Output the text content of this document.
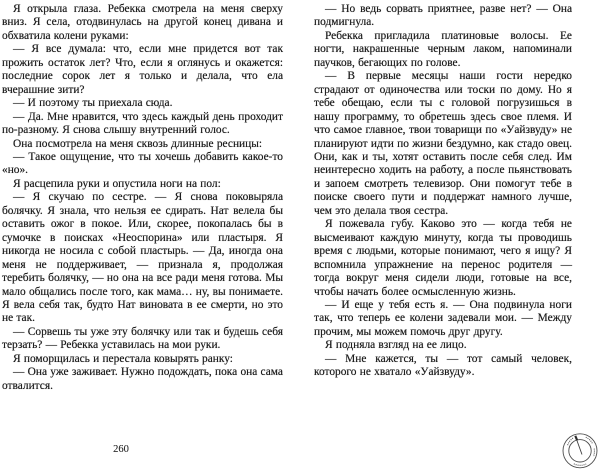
Я открыла глаза. Ребекка смотрела на меня сверху вниз. Я села, отодвинулась на другой конец дивана и обхватила колени руками:

— Я все думала: что, если мне придется вот так прожить остаток лет? Что, если я оглянусь и окажется: последние сорок лет я только и делала, что ела вчерашние зити?

— И поэтому ты приехала сюда.

— Да. Мне нравится, что здесь каждый день проходит по-разному. Я снова слышу внутренний голос.

Она посмотрела на меня сквозь длинные ресницы:

— Такое ощущение, что ты хочешь добавить какое-то «но».

Я расцепила руки и опустила ноги на пол:

— Я скучаю по сестре. — Я снова поковыряла болячку. Я знала, что нельзя ее сдирать. Нат велела бы оставить ожог в покое. Или, скорее, покопалась бы в сумочке в поисках «Неоспорина» или пластыря. Я никогда не носила с собой пластырь. — Да, иногда она меня не поддерживает, — признала я, продолжая теребить болячку, — но она на все ради меня готова. Мы мало общались после того, как мама… ну, вы понимаете. Я вела себя так, будто Нат виновата в ее смерти, но это не так.

— Сорвешь ты уже эту болячку или так и будешь себя терзать? — Ребекка уставилась на мои руки.

Я поморщилась и перестала ковырять ранку:

— Она уже заживает. Нужно подождать, пока она сама отвалится.

— Но ведь сорвать приятнее, разве нет? — Она подмигнула.

Ребекка пригладила платиновые волосы. Ее ногти, накрашенные черным лаком, напоминали паучков, бегающих по голове.

— В первые месяцы наши гости нередко страдают от одиночества или тоски по дому. Но я тебе обещаю, если ты с головой погрузишься в нашу программу, то обретешь здесь свое племя. И что самое главное, твои товарищи по «Уайзвуду» не планируют идти по жизни бездумно, как стадо овец. Они, как и ты, хотят оставить после себя след. Им неинтересно ходить на работу, а после пьянствовать и запоем смотреть телевизор. Они помогут тебе в поиске своего пути и поддержат намного лучше, чем это делала твоя сестра.

Я пожевала губу. Каково это — когда тебя не высмеивают каждую минуту, когда ты проводишь время с людьми, которые понимают, чего я ищу? Я вспомнила упражнение на перенос родителя — тогда вокруг меня сидели люди, готовые на все, чтобы начать более осмысленную жизнь.

— И еще у тебя есть я. — Она подвинула ноги так, что теперь ее колени задевали мои. — Между прочим, мы можем помочь друг другу.

Я подняла взгляд на ее лицо.

— Мне кажется, ты — тот самый человек, которого не хватало «Уайзвуду».

260
